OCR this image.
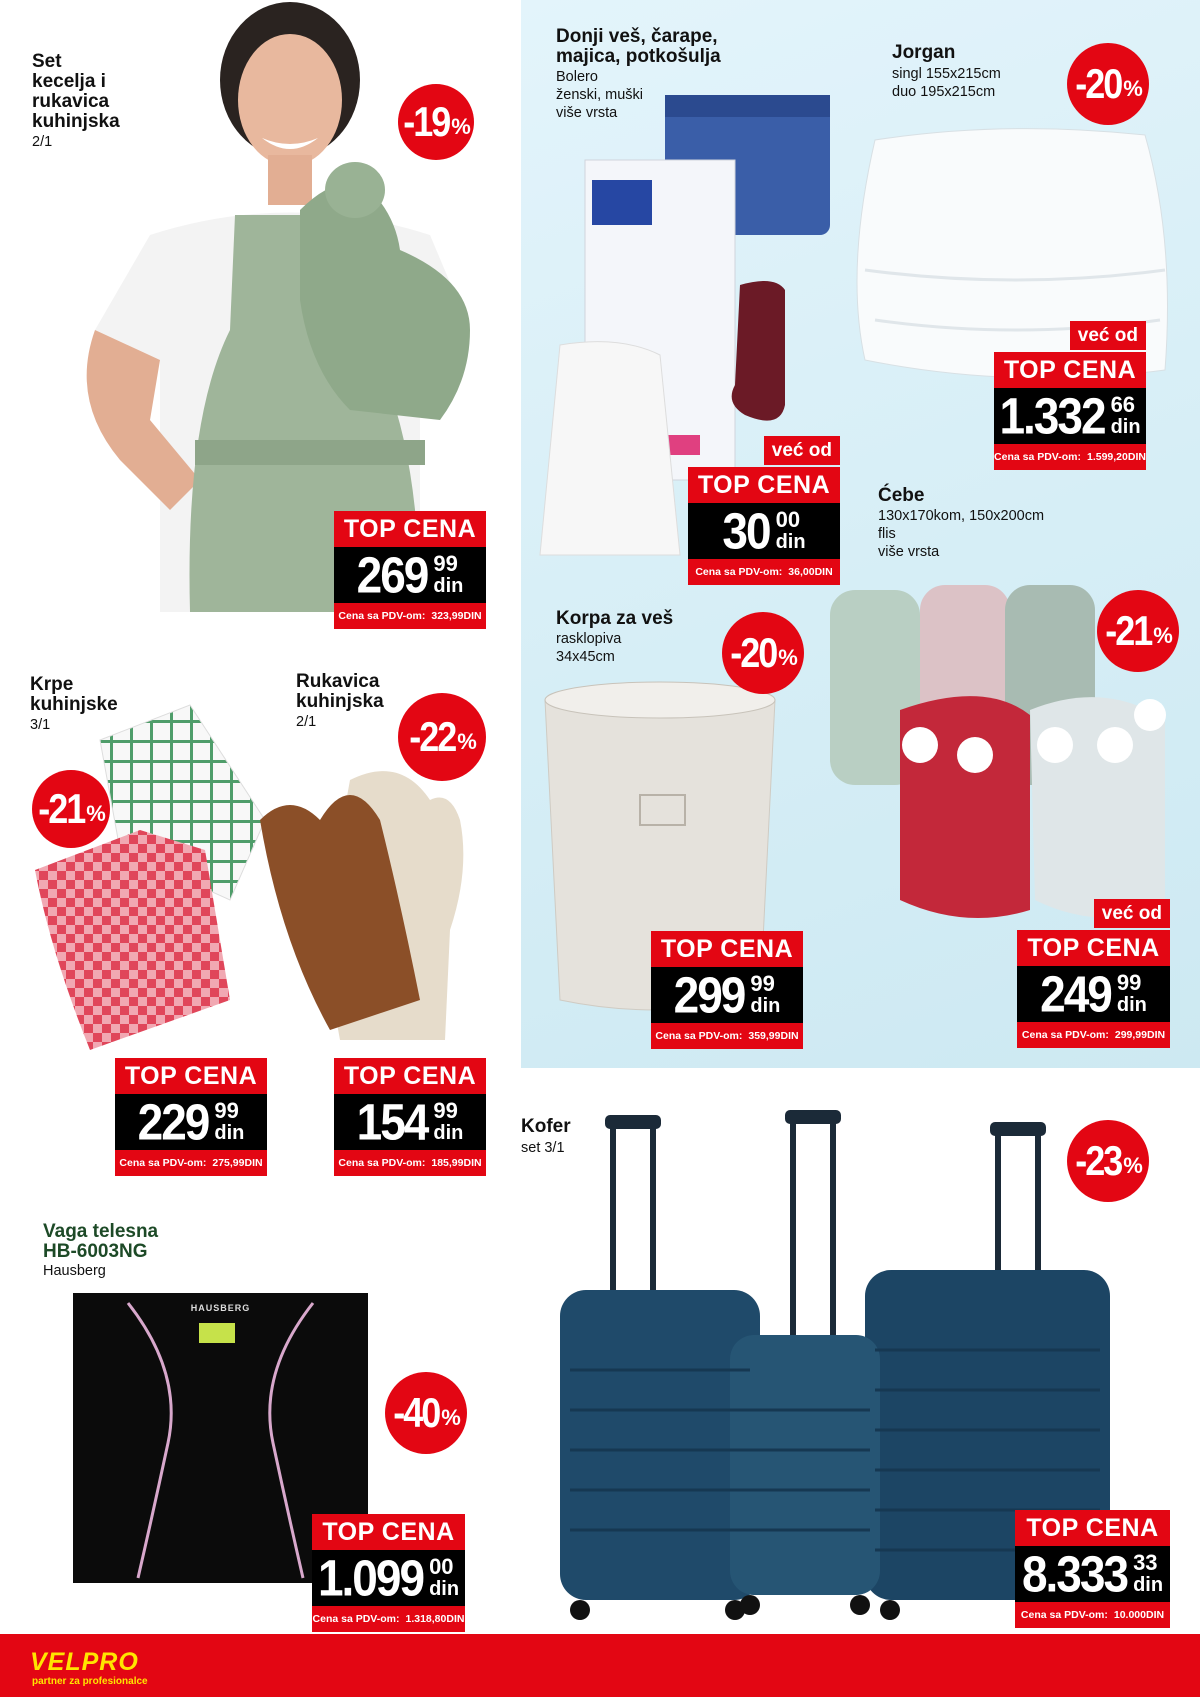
Set
kecelja i
rukavica
kuhinjska
2/1	-19 %
TOP CENA
269 99
din
Cena sa PDV-om: 323,99DIN
Donji veš, čarape,
majica, potkošulja
Bolero
ženski, muški
više vrsta
već od
TOP CENA
30 00
din
Cena sa PDV-om: 36,00DIN
Jorgan
singl 155x215cm
duo 195x215cm -20 %
već od
TOP CENA
1.332 66
din
Cena sa PDV-om: 1.599,20DIN
Ćebe
130x170kom, 150x200cm
flis
više vrsta
-21 %
već od
TOP CENA
249 99
din
Cena sa PDV-om: 299,99DIN
Korpa za veš
rasklopiva
34x45cm	-20 %
TOP CENA
299 99
din
Cena sa PDV-om: 359,99DIN
Krpe
kuhinjske
3/1
-21 %
TOP CENA
229 99
din
Cena sa PDV-om: 275,99DIN
Rukavica
kuhinjska
2/1	-22 %
TOP CENA
154 99
din
Cena sa PDV-om: 185,99DIN
Kofer
set 3/1	-23 %
TOP CENA
8.333 33
din
Cena sa PDV-om: 10.000DIN
Vaga telesna
HB-6003NG
Hausberg
HAUSBERG
-40 %
TOP CENA
1.099 00
din
Cena sa PDV-om: 1.318,80DIN
VELPRO
partner za profesionalce
